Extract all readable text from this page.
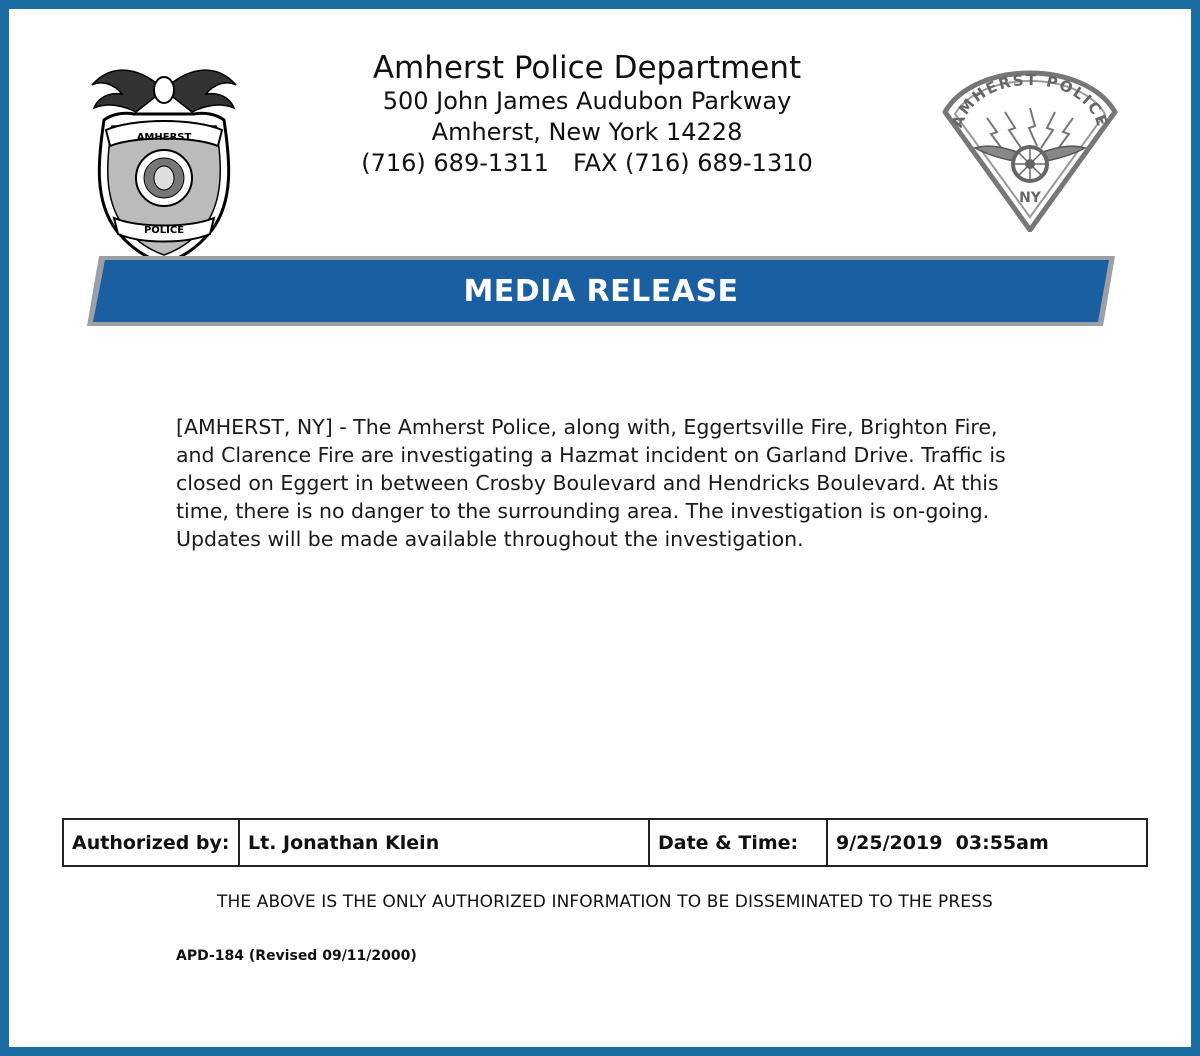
AMHERST
POLICE
Amherst Police Department
500 John James Audubon Parkway
Amherst, New York 14228
(716) 689-1311 FAX (716) 689-1310
AMHERST POLICE
NY
MEDIA RELEASE
[AMHERST, NY] - The Amherst Police, along with, Eggertsville Fire, Brighton Fire, and Clarence Fire are investigating a Hazmat incident on Garland Drive. Traffic is closed on Eggert in between Crosby Boulevard and Hendricks Boulevard. At this time, there is no danger to the surrounding area. The investigation is on-going. Updates will be made available throughout the investigation.
Authorized by:	Lt. Jonathan Klein	Date & Time:	9/25/2019  03:55am
THE ABOVE IS THE ONLY AUTHORIZED INFORMATION TO BE DISSEMINATED TO THE PRESS
APD-184 (Revised 09/11/2000)
